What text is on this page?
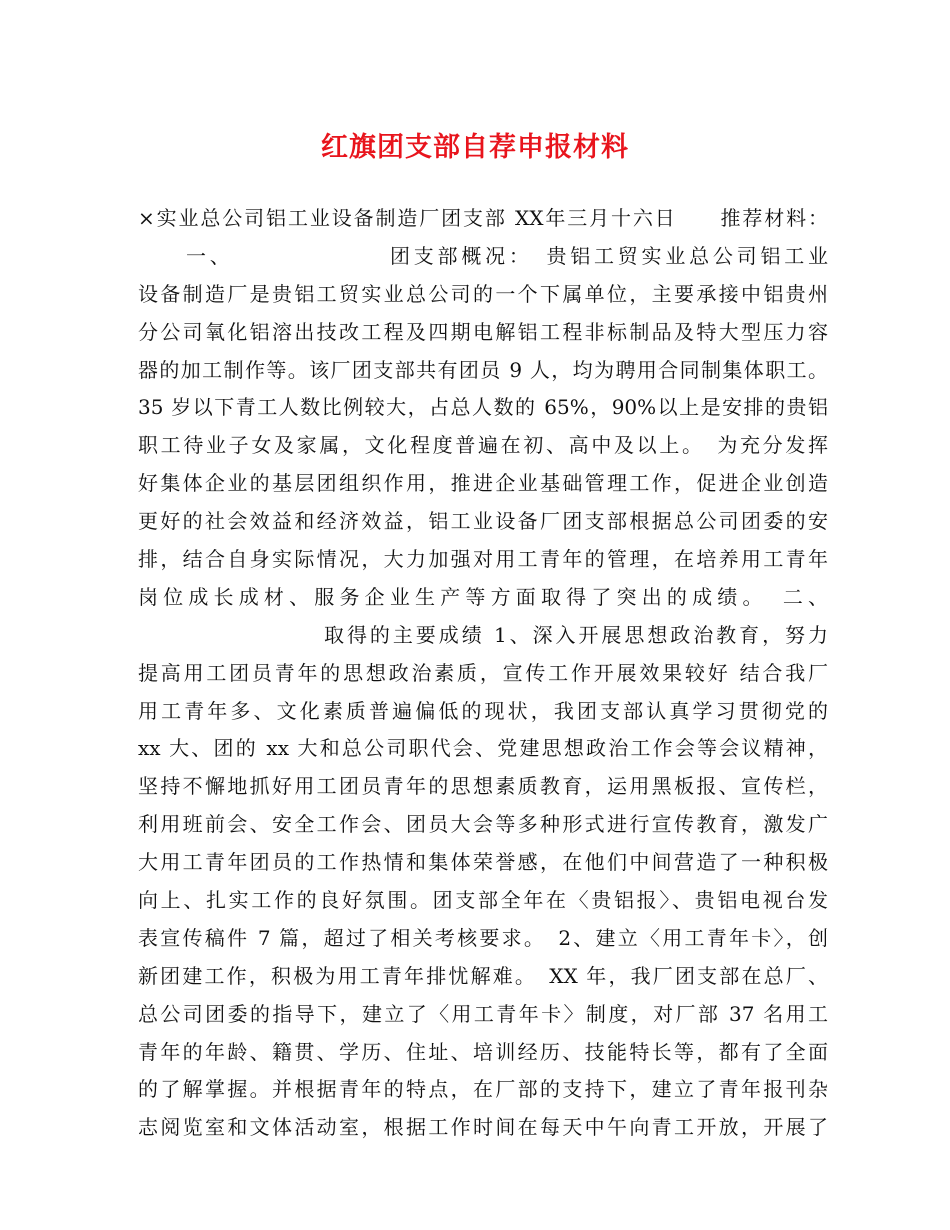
红旗团支部自荐申报材料
×实业总公司铝工业设备制造厂团支部 XX年三月十六日　　推荐材料：
一、　　　　　　　团支部概况：　贵铝工贸实业总公司铝工业
设备制造厂是贵铝工贸实业总公司的一个下属单位，主要承接中铝贵州
分公司氧化铝溶出技改工程及四期电解铝工程非标制品及特大型压力容
器的加工制作等。该厂团支部共有团员 9 人，均为聘用合同制集体职工。
35 岁以下青工人数比例较大，占总人数的 65%，90%以上是安排的贵铝
职工待业子女及家属，文化程度普遍在初、高中及以上。　为充分发挥
好集体企业的基层团组织作用，推进企业基础管理工作，促进企业创造
更好的社会效益和经济效益，铝工业设备厂团支部根据总公司团委的安
排，结合自身实际情况，大力加强对用工青年的管理，在培养用工青年
岗位成长成材、服务企业生产等方面取得了突出的成绩。　二、
取得的主要成绩 1、深入开展思想政治教育，努力
提高用工团员青年的思想政治素质，宣传工作开展效果较好 结合我厂
用工青年多、文化素质普遍偏低的现状，我团支部认真学习贯彻党的
xx 大、团的 xx 大和总公司职代会、党建思想政治工作会等会议精神，
坚持不懈地抓好用工团员青年的思想素质教育，运用黑板报、宣传栏，
利用班前会、安全工作会、团员大会等多种形式进行宣传教育，激发广
大用工青年团员的工作热情和集体荣誉感，在他们中间营造了一种积极
向上、扎实工作的良好氛围。团支部全年在〈贵铝报〉、贵铝电视台发
表宣传稿件 7 篇，超过了相关考核要求。　2、建立〈用工青年卡〉，创
新团建工作，积极为用工青年排忧解难。　XX 年，我厂团支部在总厂、
总公司团委的指导下，建立了〈用工青年卡〉制度，对厂部 37 名用工
青年的年龄、籍贯、学历、住址、培训经历、技能特长等，都有了全面
的了解掌握。并根据青年的特点，在厂部的支持下，建立了青年报刊杂
志阅览室和文体活动室，根据工作时间在每天中午向青工开放，开展了
